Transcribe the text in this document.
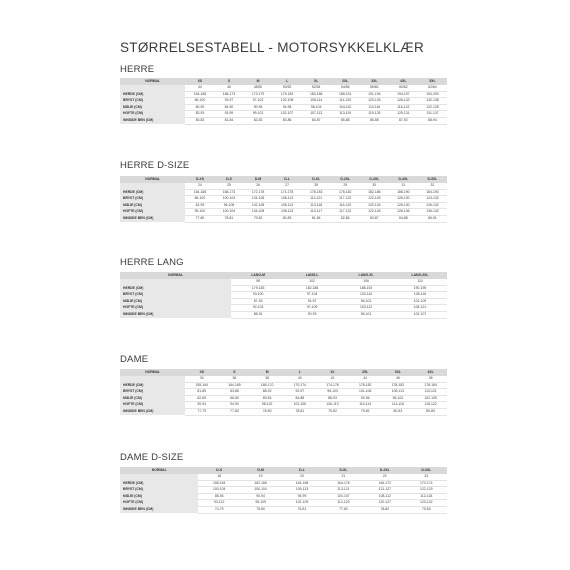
STØRRELSESTABELL - MOTORSYKKELKLÆR
HERRE
NORMAL	XS	S	M	L	XL	2XL	3XL	4XL	5XL
	44	46	48/50	50/52	52/54	54/56	56/60	60/62	62/64
HERDE (CM)	164-168	168-173	173-179	179-183	183-188	188-191	191-194	194-197	194-200
BRYST (CM)	86-100	93-97	97-102	102-108	108-114	114-120	120-126	126-132	132-138
MIDJE (CM)	80-90	84-90	90-94	94-98	98-104	104-110	110-116	116-122	122-128
HOFTE (CM)	83-93	93-99	99-102	102-107	107-113	113-119	119-125	125-131	131-137
INNSIDE BEN (CM)	80-83	81-84	82-83	83-86	84-87	85-88	86-88	87-92	88-94
HERRE D-SIZE
NORMAL	D-XS	D-S	D-M	D-L	D-XL	D-2XL	D-3XL	D-4XL	D-5XL
	24	25	26	27	28	29	30	31	32
HERDE (CM)	164-168	168-173	172-178	174-178	178-183	178-182	182-186	186-190	184-190
BRYST (CM)	86-100	100-104	104-108	108-113	113-121	117-122	122-126	126-130	124-132
MIDJE (CM)	82-99	96-105	102-108	108-113	113-118	116-120	120-126	126-130	126-132
HOFTE (CM)	95-100	100-104	104-108	108-113	113-117	117-122	122-126	126-136	136-142
INNSIDE BEN (CM)	77-80	78-81	79-82	80-83	81-84	82-86	83-87	84-88	86-91
HERRE LANG
NORMAL	LANG-M	LANG-L	LANG-XL	LANG-2XL
	98	102	106	110
HERDE (CM)	179-183	182-188	188-192	190-195
BRYST (CM)	93-100	97-104	103-110	108-116
MIDJE (CM)	87-93	91-97	96-102	102-109
HOFTE (CM)	92-103	97-109	103-112	108-121
INNSIDE BEN (CM)	88-91	90-93	96-101	102-107
DAME
NORMAL	XS	S	M	L	XL	2XL	3XL	4XL
	34	36	38	40	42	44	46	48
HERDE (CM)	155-164	164-165	168-170	170-174	174-178	178-182	178-182	178-184
BRYST (CM)	81-85	83-88	88-92	92-97	95-103	101-106	106-113	113-121
MIDJE (CM)	62-69	66-69	69-84	84-88	88-93	90-96	96-102	102-109
HOFTE (CM)	90-94	94-90	98-102	102-106	106-110	110-114	114-118	118-122
INNSIDE BEN (CM)	77-79	77-80	78-80	78-81	79-82	79-82	80-83	80-83
DAME D-SIZE
NORMAL	D-S	D-M	D-L	D-XL	D-2XL	D-3XL
	18	19	20	21	22	23
HERDE (CM)	155-164	162-166	164-168	164-176	166-172	170-174
BRYST (CM)	100-104	100-104	109-113	113-121	121-127	122-129
MIDJE (CM)	88-94	90-94	94-99	100-107	108-112	112-118
HOFTE (CM)	93-112	95-109	102-109	112-129	120-127	123-142
INNSIDE BEN (CM)	74-79	75-80	76-81	77-82	78-82	79-83
